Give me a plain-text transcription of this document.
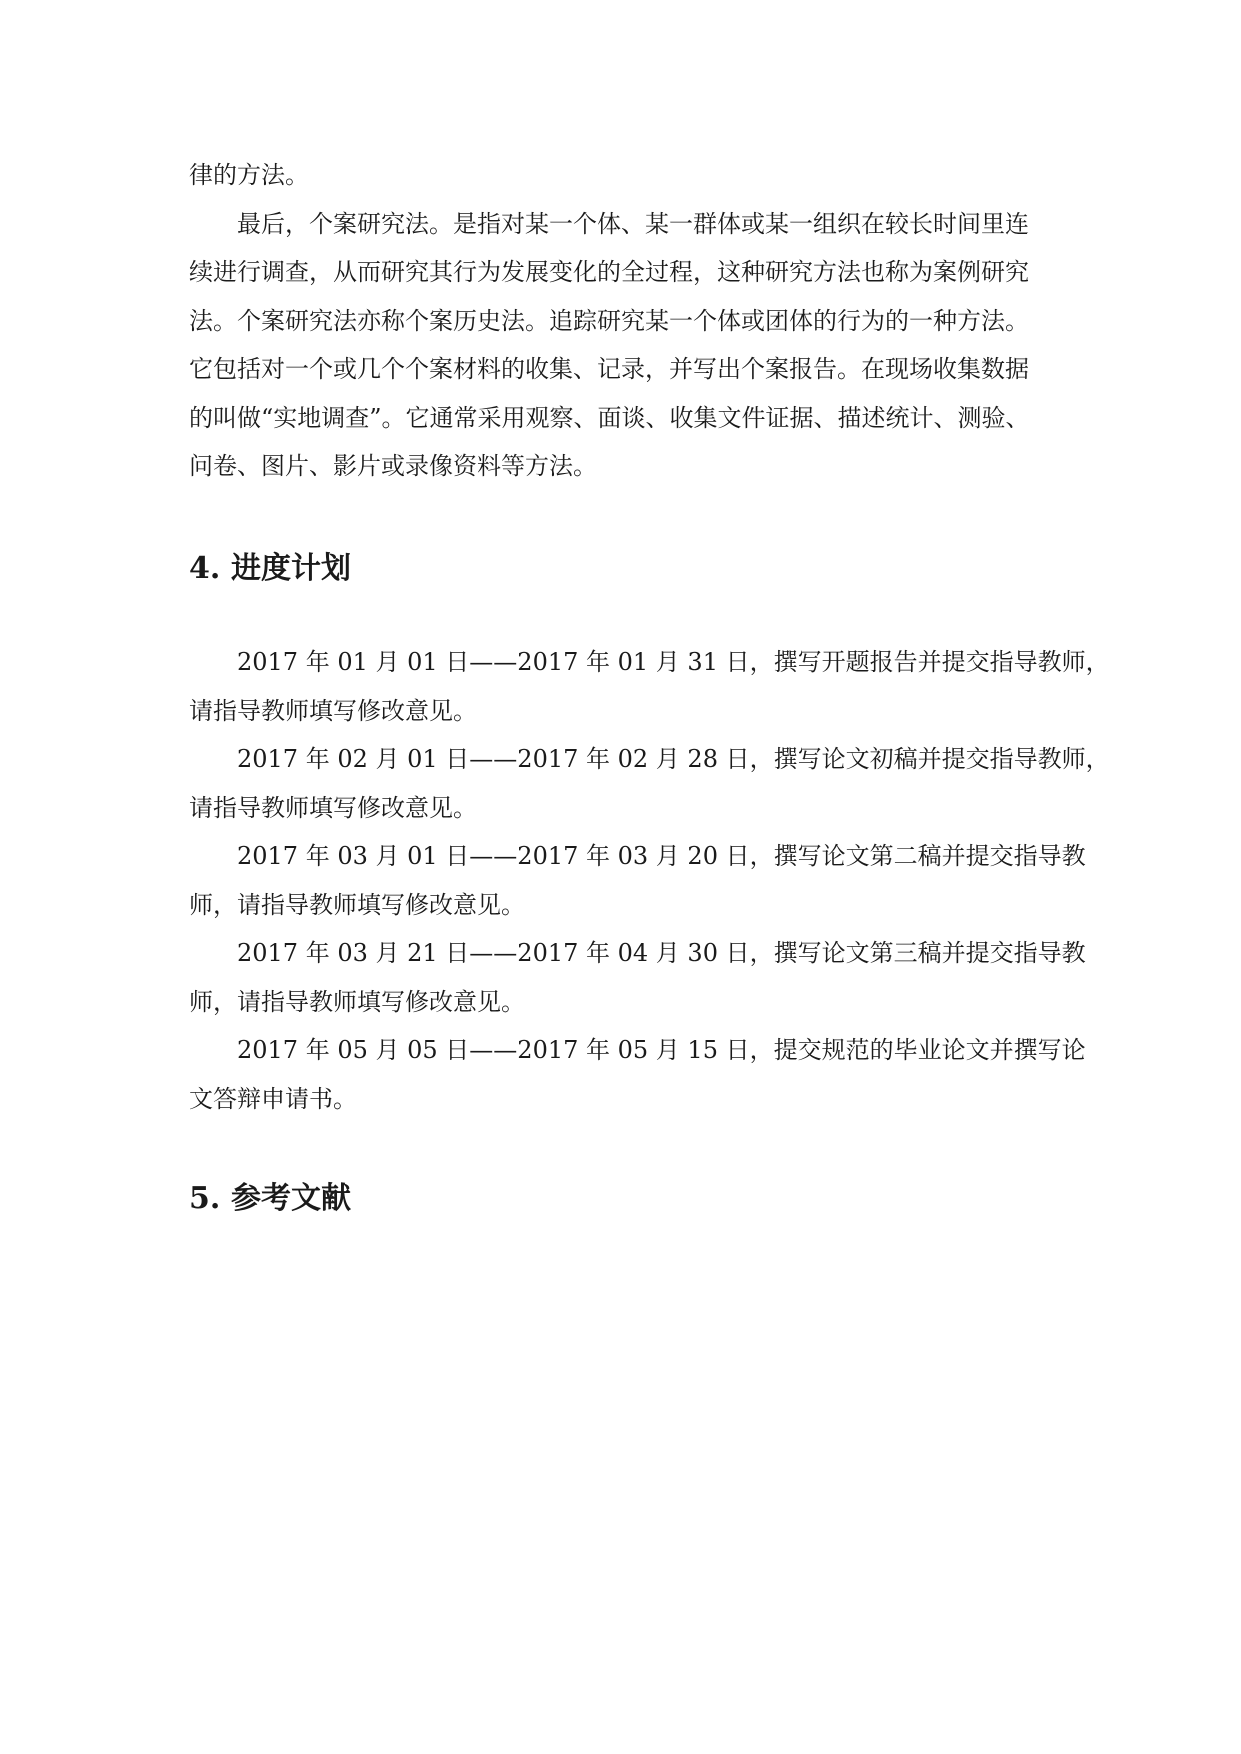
律的方法。
最后，个案研究法。是指对某一个体、某一群体或某一组织在较长时间里连
续进行调查，从而研究其行为发展变化的全过程，这种研究方法也称为案例研究
法。个案研究法亦称个案历史法。追踪研究某一个体或团体的行为的一种方法。
它包括对一个或几个个案材料的收集、记录，并写出个案报告。在现场收集数据
的叫做“实地调查”。它通常采用观察、面谈、收集文件证据、描述统计、测验、
问卷、图片、影片或录像资料等方法。
4. 进度计划
2017 年 01 月 01 日——2017 年 01 月 31 日，撰写开题报告并提交指导教师，
请指导教师填写修改意见。
2017 年 02 月 01 日——2017 年 02 月 28 日，撰写论文初稿并提交指导教师，
请指导教师填写修改意见。
2017 年 03 月 01 日——2017 年 03 月 20 日，撰写论文第二稿并提交指导教
师，请指导教师填写修改意见。
2017 年 03 月 21 日——2017 年 04 月 30 日，撰写论文第三稿并提交指导教
师，请指导教师填写修改意见。
2017 年 05 月 05 日——2017 年 05 月 15 日，提交规范的毕业论文并撰写论
文答辩申请书。
5. 参考文献
